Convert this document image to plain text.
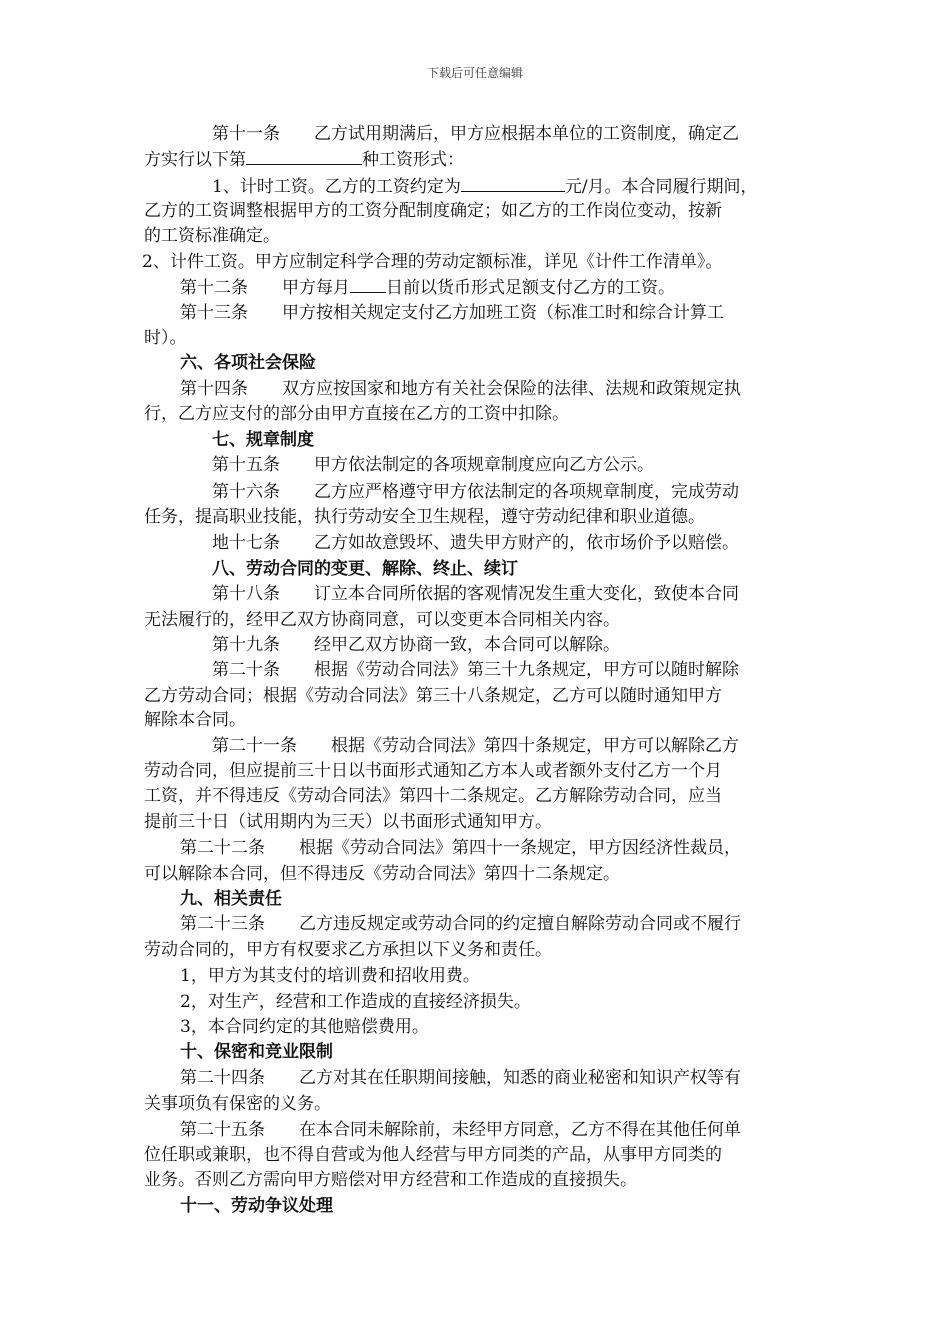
下载后可任意编辑
第十一条　　乙方试用期满后，甲方应根据本单位的工资制度，确定乙
方实行以下第	种工资形式：
1、计时工资。乙方的工资约定为	元/月。本合同履行期间，
乙方的工资调整根据甲方的工资分配制度确定；如乙方的工作岗位变动，按新
的工资标准确定。
2、计件工资。甲方应制定科学合理的劳动定额标准，详见《计件工作清单》。
第十二条　　甲方每月 日前以货币形式足额支付乙方的工资。
第十三条　　甲方按相关规定支付乙方加班工资（标准工时和综合计算工
时）。
六、各项社会保险
第十四条　　双方应按国家和地方有关社会保险的法律、法规和政策规定执
行，乙方应支付的部分由甲方直接在乙方的工资中扣除。
七、规章制度
第十五条　　甲方依法制定的各项规章制度应向乙方公示。
第十六条　　乙方应严格遵守甲方依法制定的各项规章制度，完成劳动
任务，提高职业技能，执行劳动安全卫生规程，遵守劳动纪律和职业道德。
地十七条　　乙方如故意毁坏、遗失甲方财产的，依市场价予以赔偿。
八、劳动合同的变更、解除、终止、续订
第十八条　　订立本合同所依据的客观情况发生重大变化，致使本合同
无法履行的，经甲乙双方协商同意，可以变更本合同相关内容。
第十九条　　经甲乙双方协商一致，本合同可以解除。
第二十条　　根据《劳动合同法》第三十九条规定，甲方可以随时解除
乙方劳动合同；根据《劳动合同法》第三十八条规定，乙方可以随时通知甲方
解除本合同。
第二十一条　　根据《劳动合同法》第四十条规定，甲方可以解除乙方
劳动合同，但应提前三十日以书面形式通知乙方本人或者额外支付乙方一个月
工资，并不得违反《劳动合同法》第四十二条规定。乙方解除劳动合同，应当
提前三十日（试用期内为三天）以书面形式通知甲方。
第二十二条　　根据《劳动合同法》第四十一条规定，甲方因经济性裁员，
可以解除本合同，但不得违反《劳动合同法》第四十二条规定。
九、相关责任
第二十三条　　乙方违反规定或劳动合同的约定擅自解除劳动合同或不履行
劳动合同的，甲方有权要求乙方承担以下义务和责任。
1，甲方为其支付的培训费和招收用费。
2，对生产，经营和工作造成的直接经济损失。
3，本合同约定的其他赔偿费用。
十、保密和竞业限制
第二十四条　　乙方对其在任职期间接触，知悉的商业秘密和知识产权等有
关事项负有保密的义务。
第二十五条　　在本合同未解除前，未经甲方同意，乙方不得在其他任何单
位任职或兼职，也不得自营或为他人经营与甲方同类的产品，从事甲方同类的
业务。否则乙方需向甲方赔偿对甲方经营和工作造成的直接损失。
十一、劳动争议处理
